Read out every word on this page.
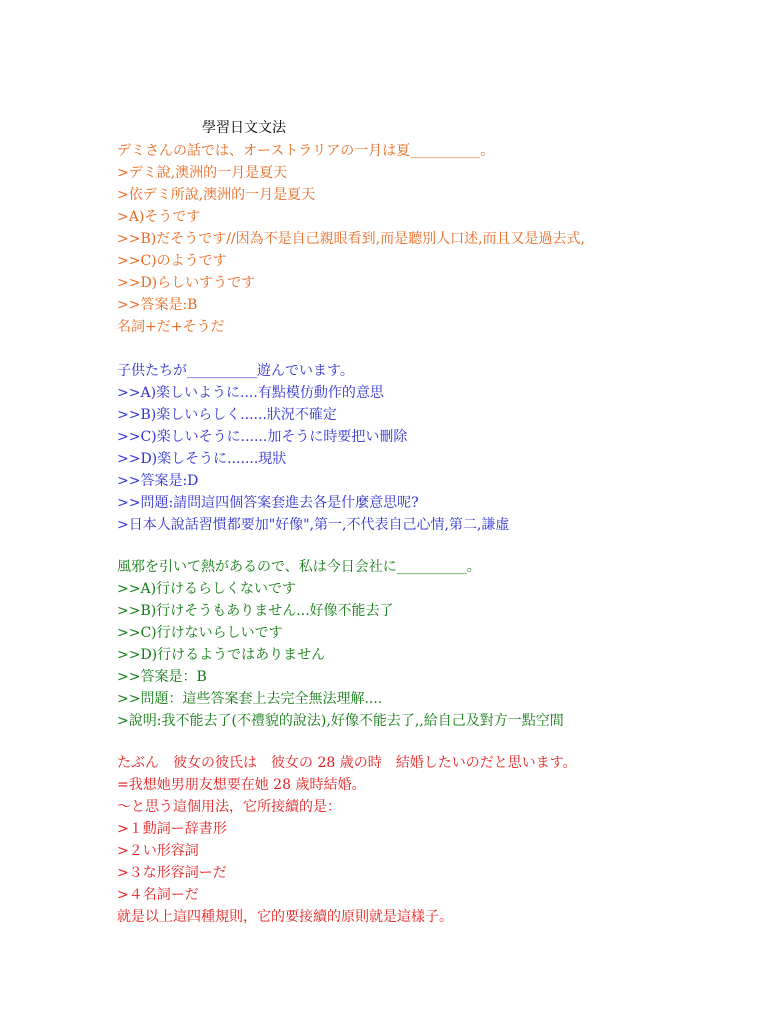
學習日文文法
デミさんの話では、オーストラリアの一月は夏__________。
>デミ說,澳洲的一月是夏天
>依デミ所說,澳洲的一月是夏天
>A)そうです
>>B)だそうです//因為不是自己親眼看到,而是聽別人口述,而且又是過去式,
>>C)のようです
>>D)らしいすうです
>>答案是:B
名詞+だ+そうだ
子供たちが__________遊んでいます。
>>A)楽しいように....有點模仿動作的意思
>>B)楽しいらしく......狀況不確定
>>C)楽しいそうに......加そうに時要把い刪除
>>D)楽しそうに.......現狀
>>答案是:D
>>問題:請問這四個答案套進去各是什麼意思呢?
>日本人說話習慣都要加"好像",第一,不代表自己心情,第二,謙虛
風邪を引いて熱があるので、私は今日会社に__________。
>>A)行けるらしくないです
>>B)行けそうもありません...好像不能去了
>>C)行けないらしいです
>>D)行けるようではありません
>>答案是：B
>>問題：這些答案套上去完全無法理解....
>說明:我不能去了(不禮貌的說法),好像不能去了,,給自己及對方一點空間
たぶん　彼女の彼氏は　彼女の 28 歳の時　結婚したいのだと思います。
=我想她男朋友想要在她 28 歲時結婚。
～と思う這個用法，它所接續的是：
>１動詞ー辞書形
>２い形容詞
>３な形容詞ーだ
>４名詞ーだ
就是以上這四種規則，它的要接續的原則就是這樣子。
